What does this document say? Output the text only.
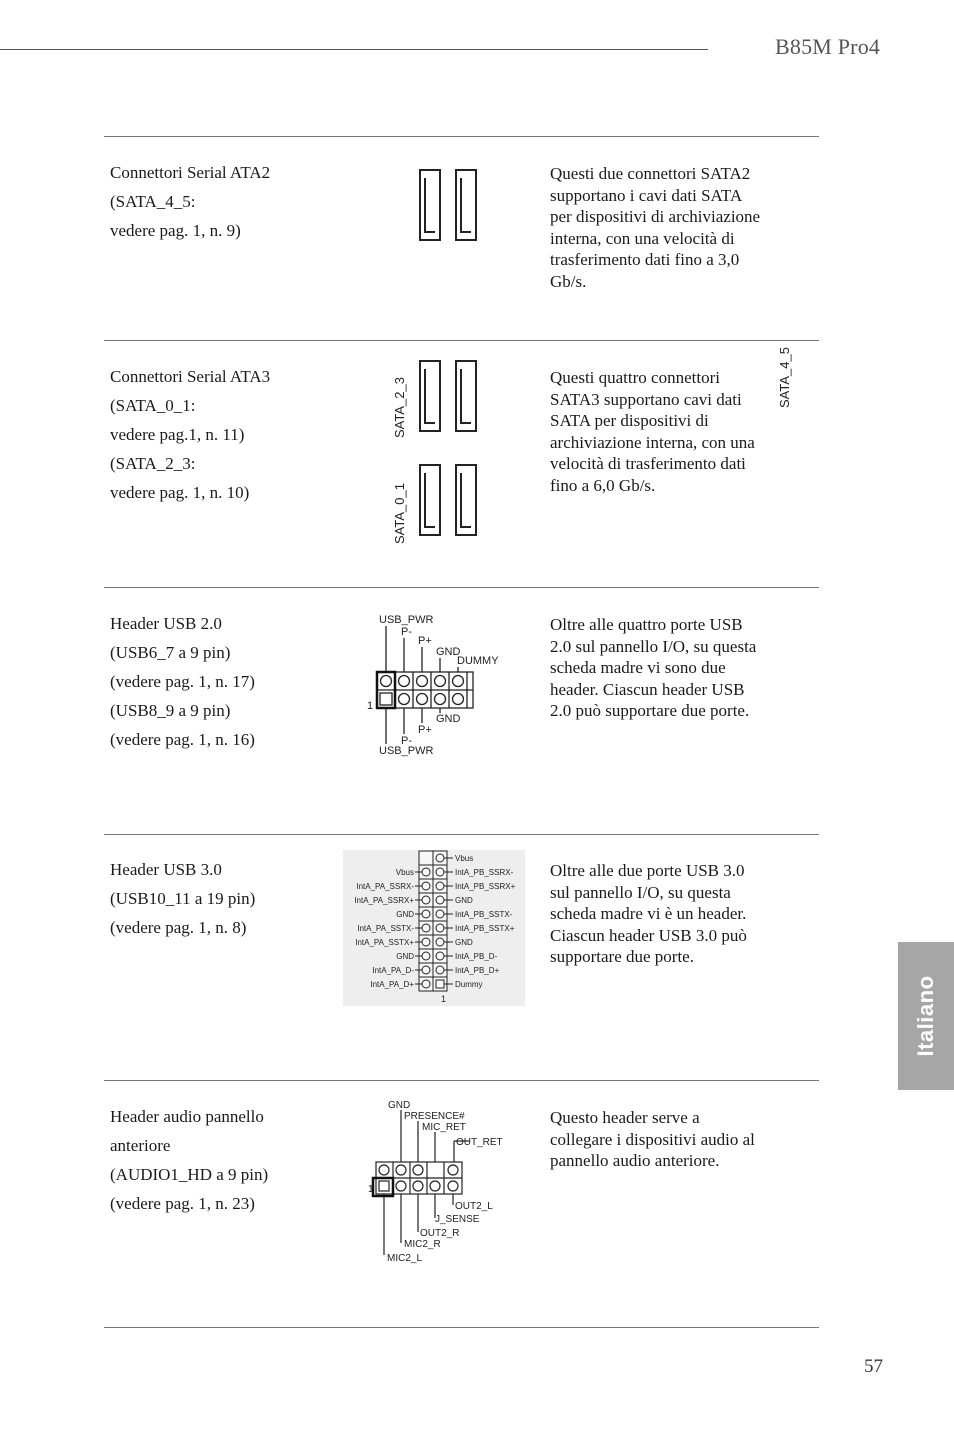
B85M Pro4
Connettori Serial ATA2
(SATA_4_5:
vedere pag. 1, n. 9)
SATA_4_5
Questi due connettori SATA2 supportano i cavi dati SATA per dispositivi di archiviazione interna, con una velocità di trasferimento dati fino a 3,0 Gb/s.
Connettori Serial ATA3
(SATA_0_1:
vedere pag.1, n. 11)
(SATA_2_3:
vedere pag. 1, n. 10)
SATA_2_3
SATA_0_1
Questi quattro connettori SATA3 supportano cavi dati SATA per dispositivi di archiviazione interna, con una velocità di trasferimento dati fino a 6,0 Gb/s.
Header USB 2.0
(USB6_7 a 9 pin)
(vedere pag. 1, n. 17)
(USB8_9 a 9 pin)
(vedere pag. 1, n. 16)
USB_PWR
P-
P+
GND
DUMMY
1
GND
P+
P-
USB_PWR
Oltre alle quattro porte USB 2.0 sul pannello I/O, su questa scheda madre vi sono due header. Ciascun header USB 2.0 può supportare due porte.
Header USB 3.0
(USB10_11 a 19 pin)
(vedere pag. 1, n. 8)
Vbus
IntA_PA_SSRX-
IntA_PA_SSRX+
GND
IntA_PA_SSTX-
IntA_PA_SSTX+
GND
IntA_PA_D-
IntA_PA_D+
Vbus
IntA_PB_SSRX-
IntA_PB_SSRX+
GND
IntA_PB_SSTX-
IntA_PB_SSTX+
GND
IntA_PB_D-
IntA_PB_D+
Dummy
1
Oltre alle due porte USB 3.0 sul pannello I/O, su questa scheda madre vi è un header. Ciascun header USB 3.0 può supportare due porte.
Header audio pannello
anteriore
(AUDIO1_HD a 9 pin)
(vedere pag. 1, n. 23)
GND
PRESENCE#
MIC_RET
OUT_RET
1
OUT2_L
J_SENSE
OUT2_R
MIC2_R
MIC2_L
Questo header serve a collegare i dispositivi audio al pannello audio anteriore.
Italiano
57
